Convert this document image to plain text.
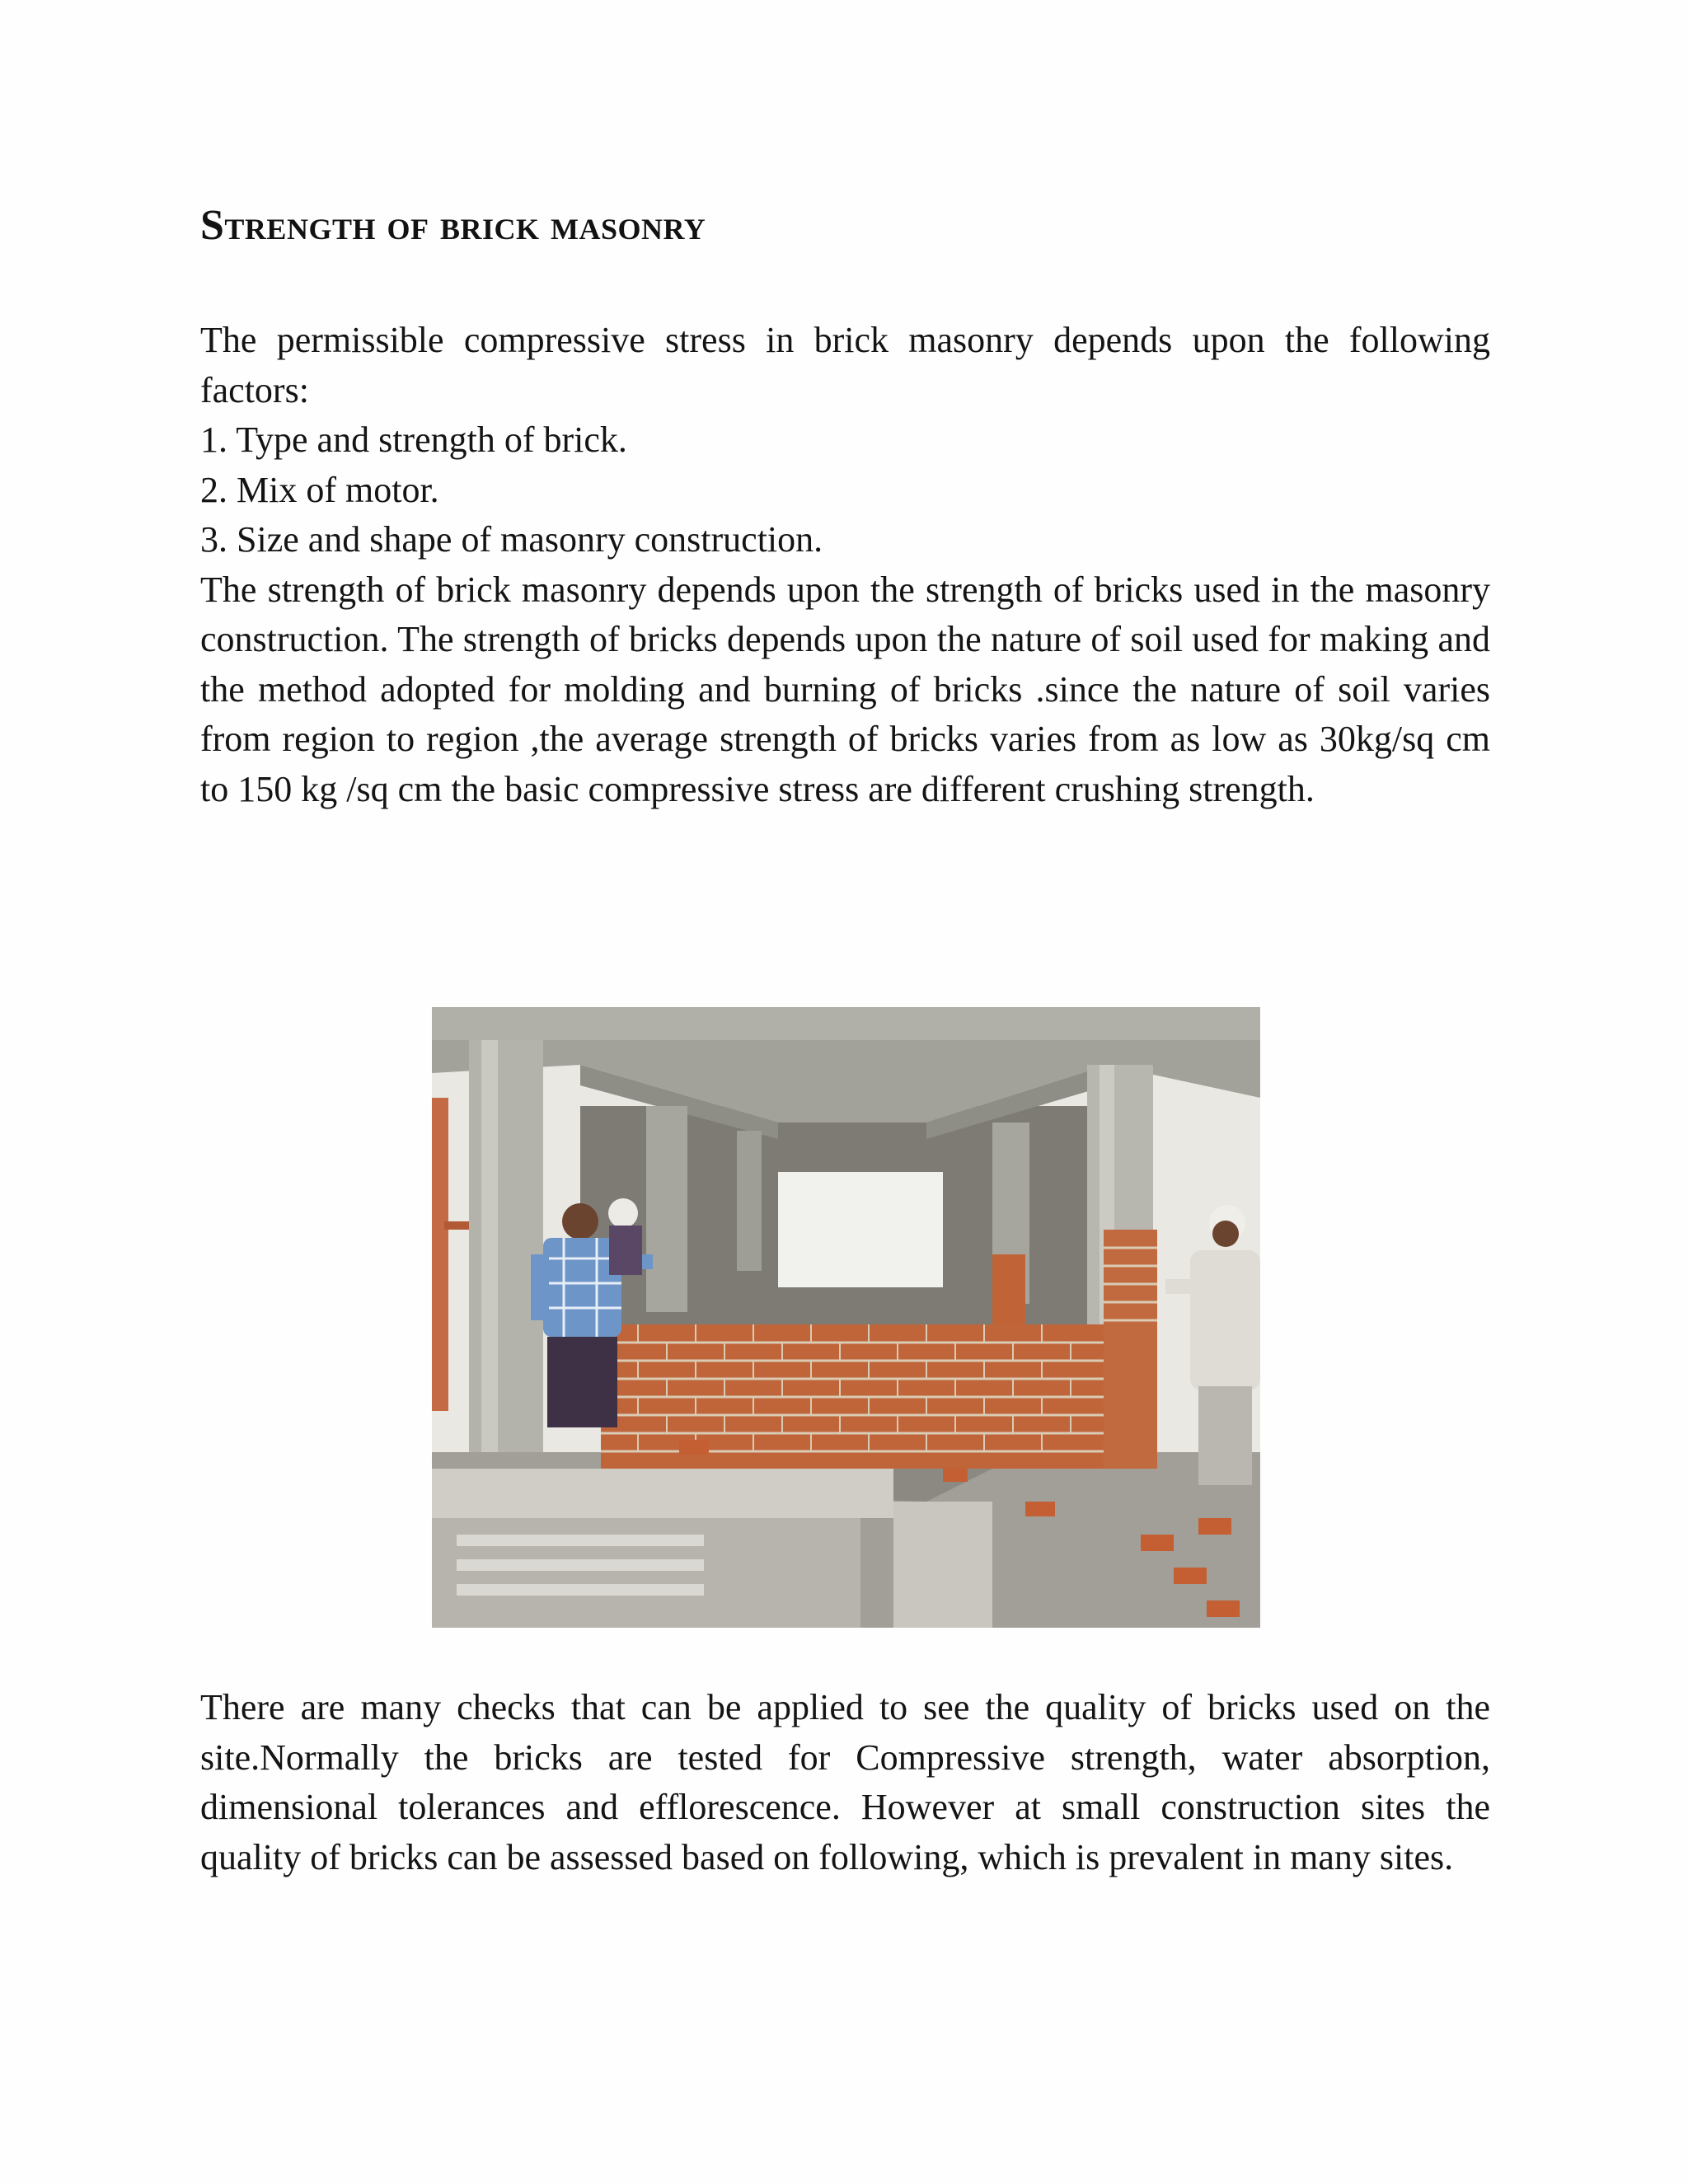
Strength of brick masonry

The permissible compressive stress in brick masonry depends upon the following factors:

1. Type and strength of brick.

2. Mix of motor.

3. Size and shape of masonry construction.

The strength of brick masonry depends upon the strength of bricks used in the masonry construction. The strength of bricks depends upon the nature of soil used for making and the method adopted for molding and burning of bricks .since the nature of soil varies from region to region ,the average strength of bricks varies from as low as 30kg/sq cm to 150 kg /sq cm the basic compressive stress are different crushing strength.

There are many checks that can be applied to see the quality of bricks used on the site.Normally the bricks are tested for Compressive strength, water absorption, dimensional tolerances and efflorescence. However at small construction sites the quality of bricks can be assessed based on following, which is prevalent in many sites.
